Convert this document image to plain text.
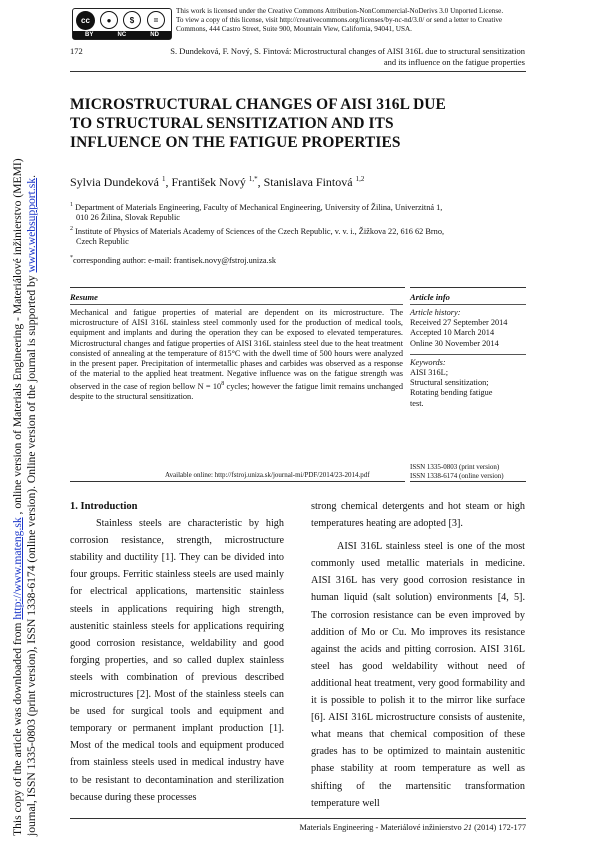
cc	●	$	=
BY	NC	ND
This work is licensed under the Creative Commons Attribution-NonCommercial-NoDerivs 3.0 Unported License.
To view a copy of this license, visit http://creativecommons.org/licenses/by-nc-nd/3.0/ or send a letter to Creative
Commons, 444 Castro Street, Suite 900, Mountain View, California, 94041, USA.
172	S. Dundeková, F. Nový, S. Fintová: Microstructural changes of AISI 316L due to structural sensitization
and its influence on the fatigue properties
This copy of the article was downloaded from http://www.mateng.sk , online version of Materials Engineering - Materiálové inžinierstvo (MEMI) journal, ISSN 1335-0803 (print version), ISSN 1338-6174 (online version). Online version of the journal is supported by www.websupport.sk.
MICROSTRUCTURAL CHANGES OF AISI 316L DUE
TO STRUCTURAL SENSITIZATION AND ITS
INFLUENCE ON THE FATIGUE PROPERTIES
Sylvia Dundeková $^1$, František Nový $^{1,*}$, Stanislava Fintová $^{1,2}$
$^1$ Department of Materials Engineering, Faculty of Mechanical Engineering, University of Žilina, Univerzitná 1,
010 26 Žilina, Slovak Republic
$^2$ Institute of Physics of Materials Academy of Sciences of the Czech Republic, v. v. i., Žižkova 22, 616 62 Brno,
Czech Republic
*corresponding author: e-mail: frantisek.novy@fstroj.uniza.sk
Resume
Mechanical and fatigue properties of material are dependent on its microstructure. The microstructure of AISI 316L stainless steel commonly used for the production of medical tools, equipment and implants and during the operation they can be exposed to elevated temperatures. Microstructural changes and fatigue properties of AISI 316L stainless steel due to the heat treatment consisted of annealing at the temperature of 815°C with the dwell time of 500 hours were analyzed in the present paper. Precipitation of intermetallic phases and carbides was observed as a response of the material to the applied heat treatment. Negative influence was on the fatigue strength was observed in the case of region bellow $N = 10^8$ cycles; however the fatigue limit remains unchanged despite to the structural sensitization.
Article info
Article history:
Received 27 September 2014
Accepted 10 March 2014
Online 30 November 2014
Keywords:
AISI 316L;
Structural sensitization;
Rotating bending fatigue
test.
Available online: http://fstroj.uniza.sk/journal-mi/PDF/2014/23-2014.pdf
ISSN 1335-0803 (print version)
ISSN 1338-6174 (online version)
1. Introduction

Stainless steels are characteristic by high corrosion resistance, strength, microstructure stability and ductility [1]. They can be divided into four groups. Ferritic stainless steels are used mainly for electrical applications, martensitic stainless steels in applications requiring high strength, austenitic stainless steels for applications requiring good corrosion resistance, weldability and good forging properties, and so called duplex stainless steels with combination of previous described microstructures [2]. Most of the stainless steels can be used for surgical tools and equipment and temporary or permanent implant production [1]. Most of the medical tools and equipment produced from stainless steels used in medical industry have to be resistant to decontamination and sterilization because during these processes

strong chemical detergents and hot steam or high temperatures heating are adopted [3].

AISI 316L stainless steel is one of the most commonly used metallic materials in medicine. AISI 316L has very good corrosion resistance in human liquid (salt solution) environments [4, 5]. The corrosion resistance can be even improved by addition of Mo or Cu. Mo improves its resistance against the acids and pitting corrosion. AISI 316L steel has good weldability without need of additional heat treatment, very good formability and it is possible to polish it to the mirror like surface [6]. AISI 316L microstructure consists of austenite, what means that chemical composition of these grades has to be optimized to maintain austenitic phase stability at room temperature as well as shifting of the martensitic transformation temperature well

Materials Engineering - Materiálové inžinierstvo 21 (2014) 172-177
